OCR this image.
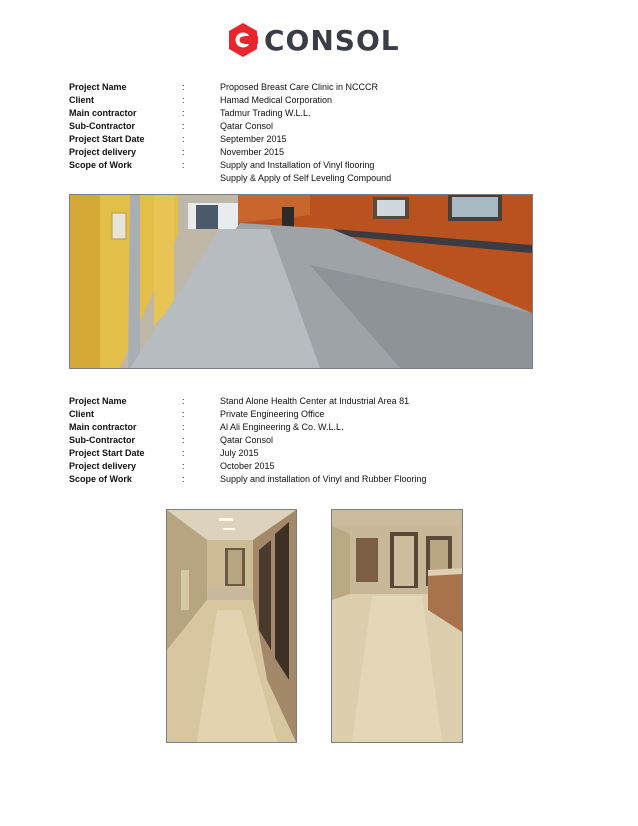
CONSOL
Project Name	:	Proposed Breast Care Clinic in NCCCR
Client	:	Hamad Medical Corporation
Main contractor	:	Tadmur Trading W.L.L.
Sub-Contractor	:	Qatar Consol
Project Start Date	:	September 2015
Project delivery	:	November 2015
Scope of Work	:	Supply and Installation of Vinyl flooring
Supply & Apply of Self Leveling Compound
Project Name	:	Stand Alone Health Center at Industrial Area 81
Client	:	Private Engineering Office
Main contractor	:	Al Ali Engineering & Co. W.L.L.
Sub-Contractor	:	Qatar Consol
Project Start Date	:	July 2015
Project delivery	:	October 2015
Scope of Work	:	Supply and installation of Vinyl and Rubber Flooring
